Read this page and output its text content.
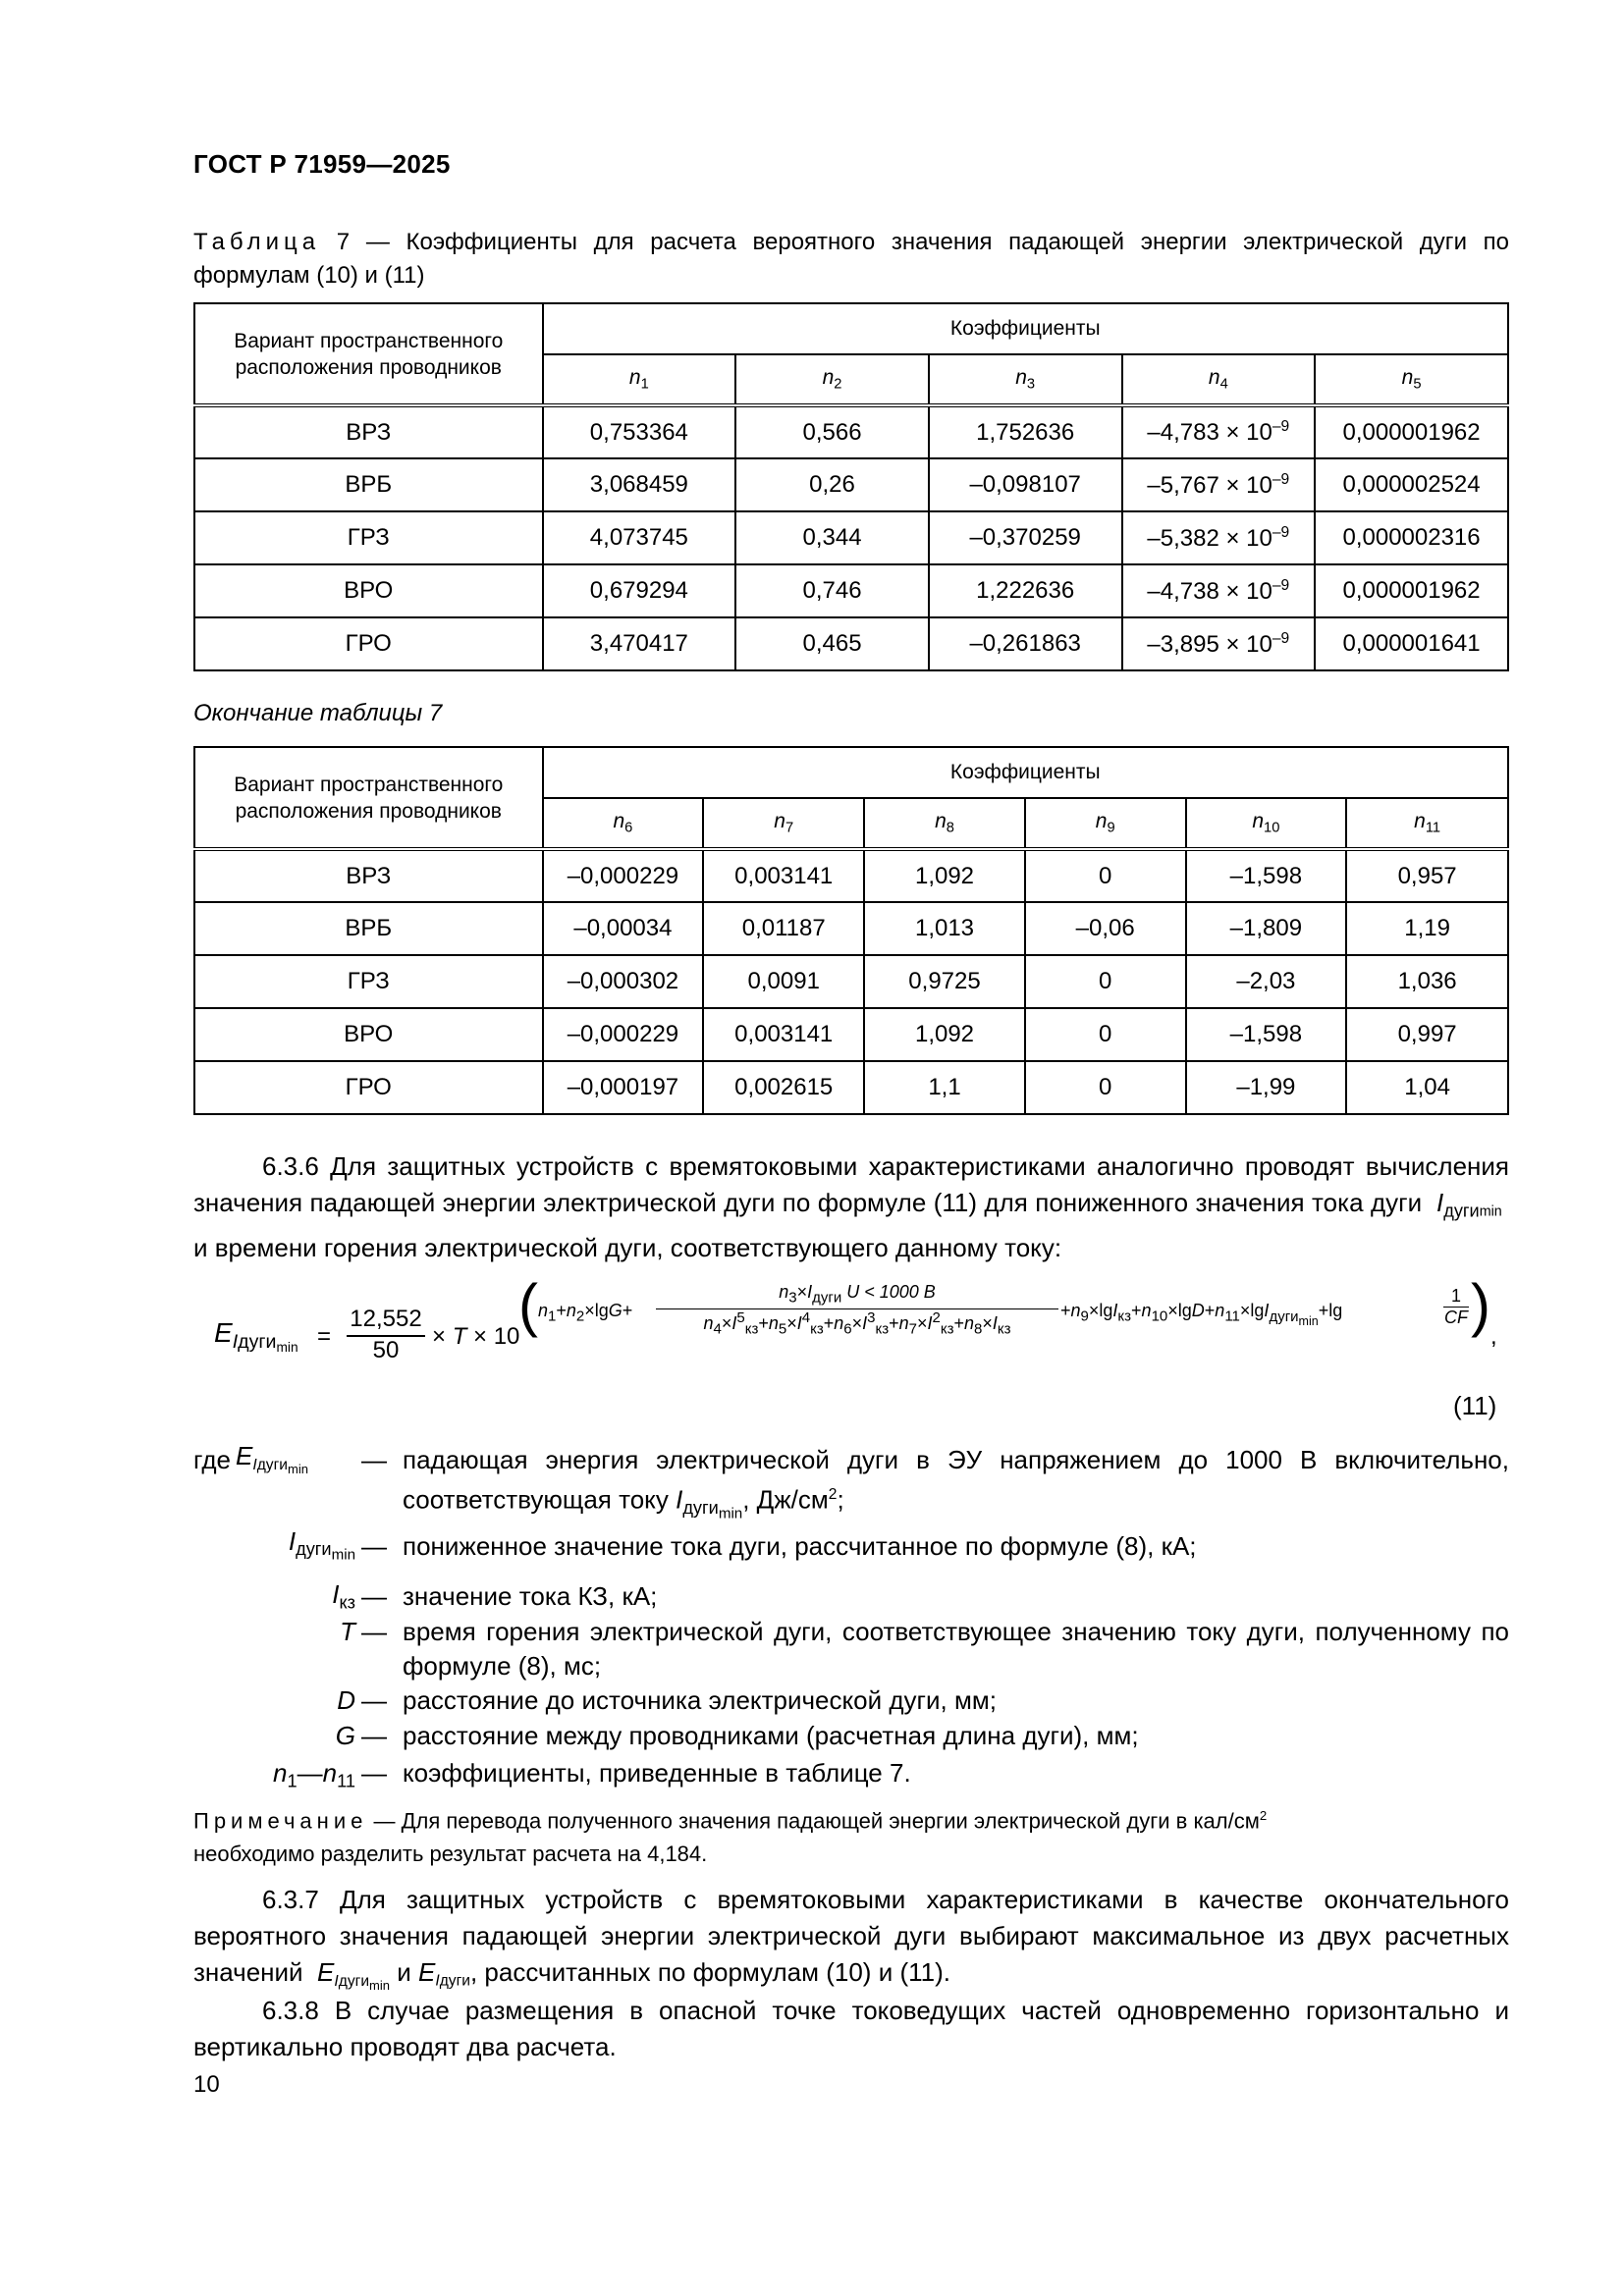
ГОСТ Р 71959—2025
Таблица 7 — Коэффициенты для расчета вероятного значения падающей энергии электрической дуги по формулам (10) и (11)
Вариант пространственного расположения проводников	Коэффициенты				
	$n_1$	$n_2$	$n_3$	$n_4$	$n_5$
ВРЗ	0,753364	0,566	1,752636	$-4,783 \times 10^{-9}$	0,000001962
ВРБ	3,068459	0,26	–0,098107	$-5,767 \times 10^{-9}$	0,000002524
ГРЗ	4,073745	0,344	–0,370259	$-5,382 \times 10^{-9}$	0,000002316
ВРО	0,679294	0,746	1,222636	$-4,738 \times 10^{-9}$	0,000001962
ГРО	3,470417	0,465	–0,261863	$-3,895 \times 10^{-9}$	0,000001641
Окончание таблицы 7
Вариант пространственного расположения проводников	Коэффициенты					
	$n_6$	$n_7$	$n_8$	$n_9$	$n_{10}$	$n_{11}$
ВРЗ	–0,000229	0,003141	1,092	0	–1,598	0,957
ВРБ	–0,00034	0,01187	1,013	–0,06	–1,809	1,19
ГРЗ	–0,000302	0,0091	0,9725	0	–2,03	1,036
ВРО	–0,000229	0,003141	1,092	0	–1,598	0,997
ГРО	–0,000197	0,002615	1,1	0	–1,99	1,04
6.3.6 Для защитных устройств с времятоковыми характеристиками аналогично проводят вычисления значения падающей энергии электрической дуги по формуле (11) для пониженного значения тока дуги  $I_{дугиmin}$  и времени горения электрической дуги, соответствующего данному току:
$E_{Iдуги_{min}} = \frac{12,552}{50} \times T \times 10$
( $n_1+n_2\times\lg G+$
$n_3\times I_{дуги}$ U < 1000 В
$n_4\times I^5_{кз}+n_5\times I^4_{кз}+n_6\times I^3_{кз}+n_7\times I^2_{кз}+n_8\times I_{кз}$
$+n_9\times\lg I_{кз}+n_{10}\times\lg D+n_{11}\times\lg I_{дуги_{min}}+\lg$
1
CF ) ,
(11)
где $E_{Iдуги_{min}}$	— падающая энергия электрической дуги в ЭУ напряжением до 1000 В включительно, соответствующая току $I_{дуги_{min}}$, $Дж/см^2$;
$I_{дуги_{min}}$ — пониженное значение тока дуги, рассчитанное по формуле (8), кА;
$I_{кз}$ — значение тока КЗ, кА;
T — время горения электрической дуги, соответствующее значению току дуги, полученному по формуле (8), мс;
D — расстояние до источника электрической дуги, мм;
G — расстояние между проводниками (расчетная длина дуги), мм;
$n_1—n_{11}$ — коэффициенты, приведенные в таблице 7.
Примечание — Для перевода полученного значения падающей энергии электрической дуги в кал/$см^2$
необходимо разделить результат расчета на 4,184.
6.3.7 Для защитных устройств с времятоковыми характеристиками в качестве окончательного вероятного значения падающей энергии электрической дуги выбирают максимальное из двух расчетных значений  $E_{Iдуги_{min}}$ и $E_{Iдуги}$, рассчитанных по формулам (10) и (11).
6.3.8 В случае размещения в опасной точке токоведущих частей одновременно горизонтально и вертикально проводят два расчета.
10
